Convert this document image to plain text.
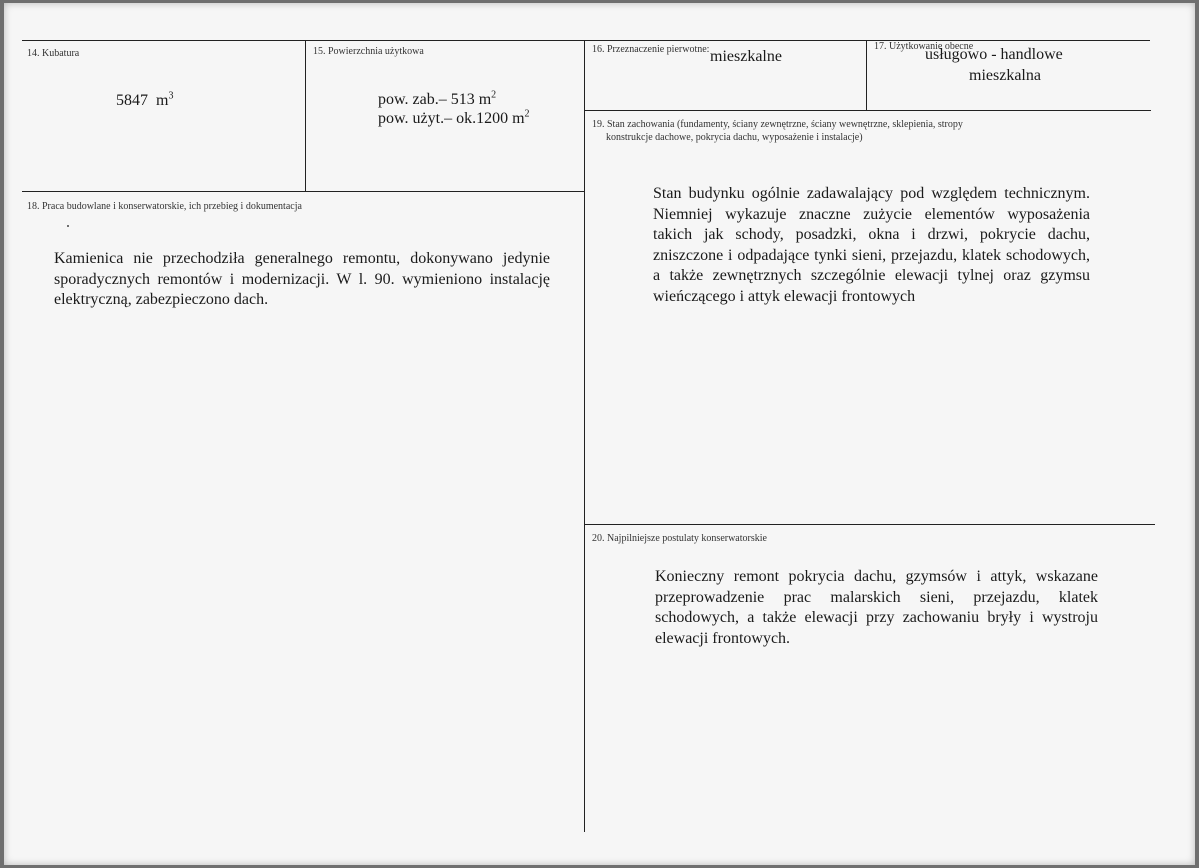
14. Kubatura
5847 $m^3$
15. Powierzchnia użytkowa
pow. zab.– 513 $m^2$
pow. użyt.– ok.1200 $m^2$
16. Przeznaczenie pierwotne: mieszkalne
17. Użytkowanie obecne
usługowo - handlowe
mieszkalna
19. Stan zachowania (fundamenty, ściany zewnętrzne, ściany wewnętrzne, sklepienia, stropy
konstrukcje dachowe, pokrycia dachu, wyposażenie i instalacje)
Stan budynku ogólnie zadawalający pod względem technicznym. Niemniej wykazuje znaczne zużycie elementów wyposażenia takich jak schody, posadzki, okna i drzwi, pokrycie dachu, zniszczone i odpadające tynki sieni, przejazdu, klatek schodowych, a także zewnętrznych szczególnie elewacji tylnej oraz gzymsu wieńczącego i attyk elewacji frontowych
18. Praca budowlane i konserwatorskie, ich przebieg i dokumentacja
Kamienica nie przechodziła generalnego remontu, dokonywano jedynie sporadycznych remontów i modernizacji. W l. 90. wymieniono instalację elektryczną, zabezpieczono dach.
20. Najpilniejsze postulaty konserwatorskie
Konieczny remont pokrycia dachu, gzymsów i attyk, wskazane przeprowadzenie prac malarskich sieni, przejazdu, klatek schodowych, a także elewacji przy zachowaniu bryły i wystroju elewacji frontowych.
